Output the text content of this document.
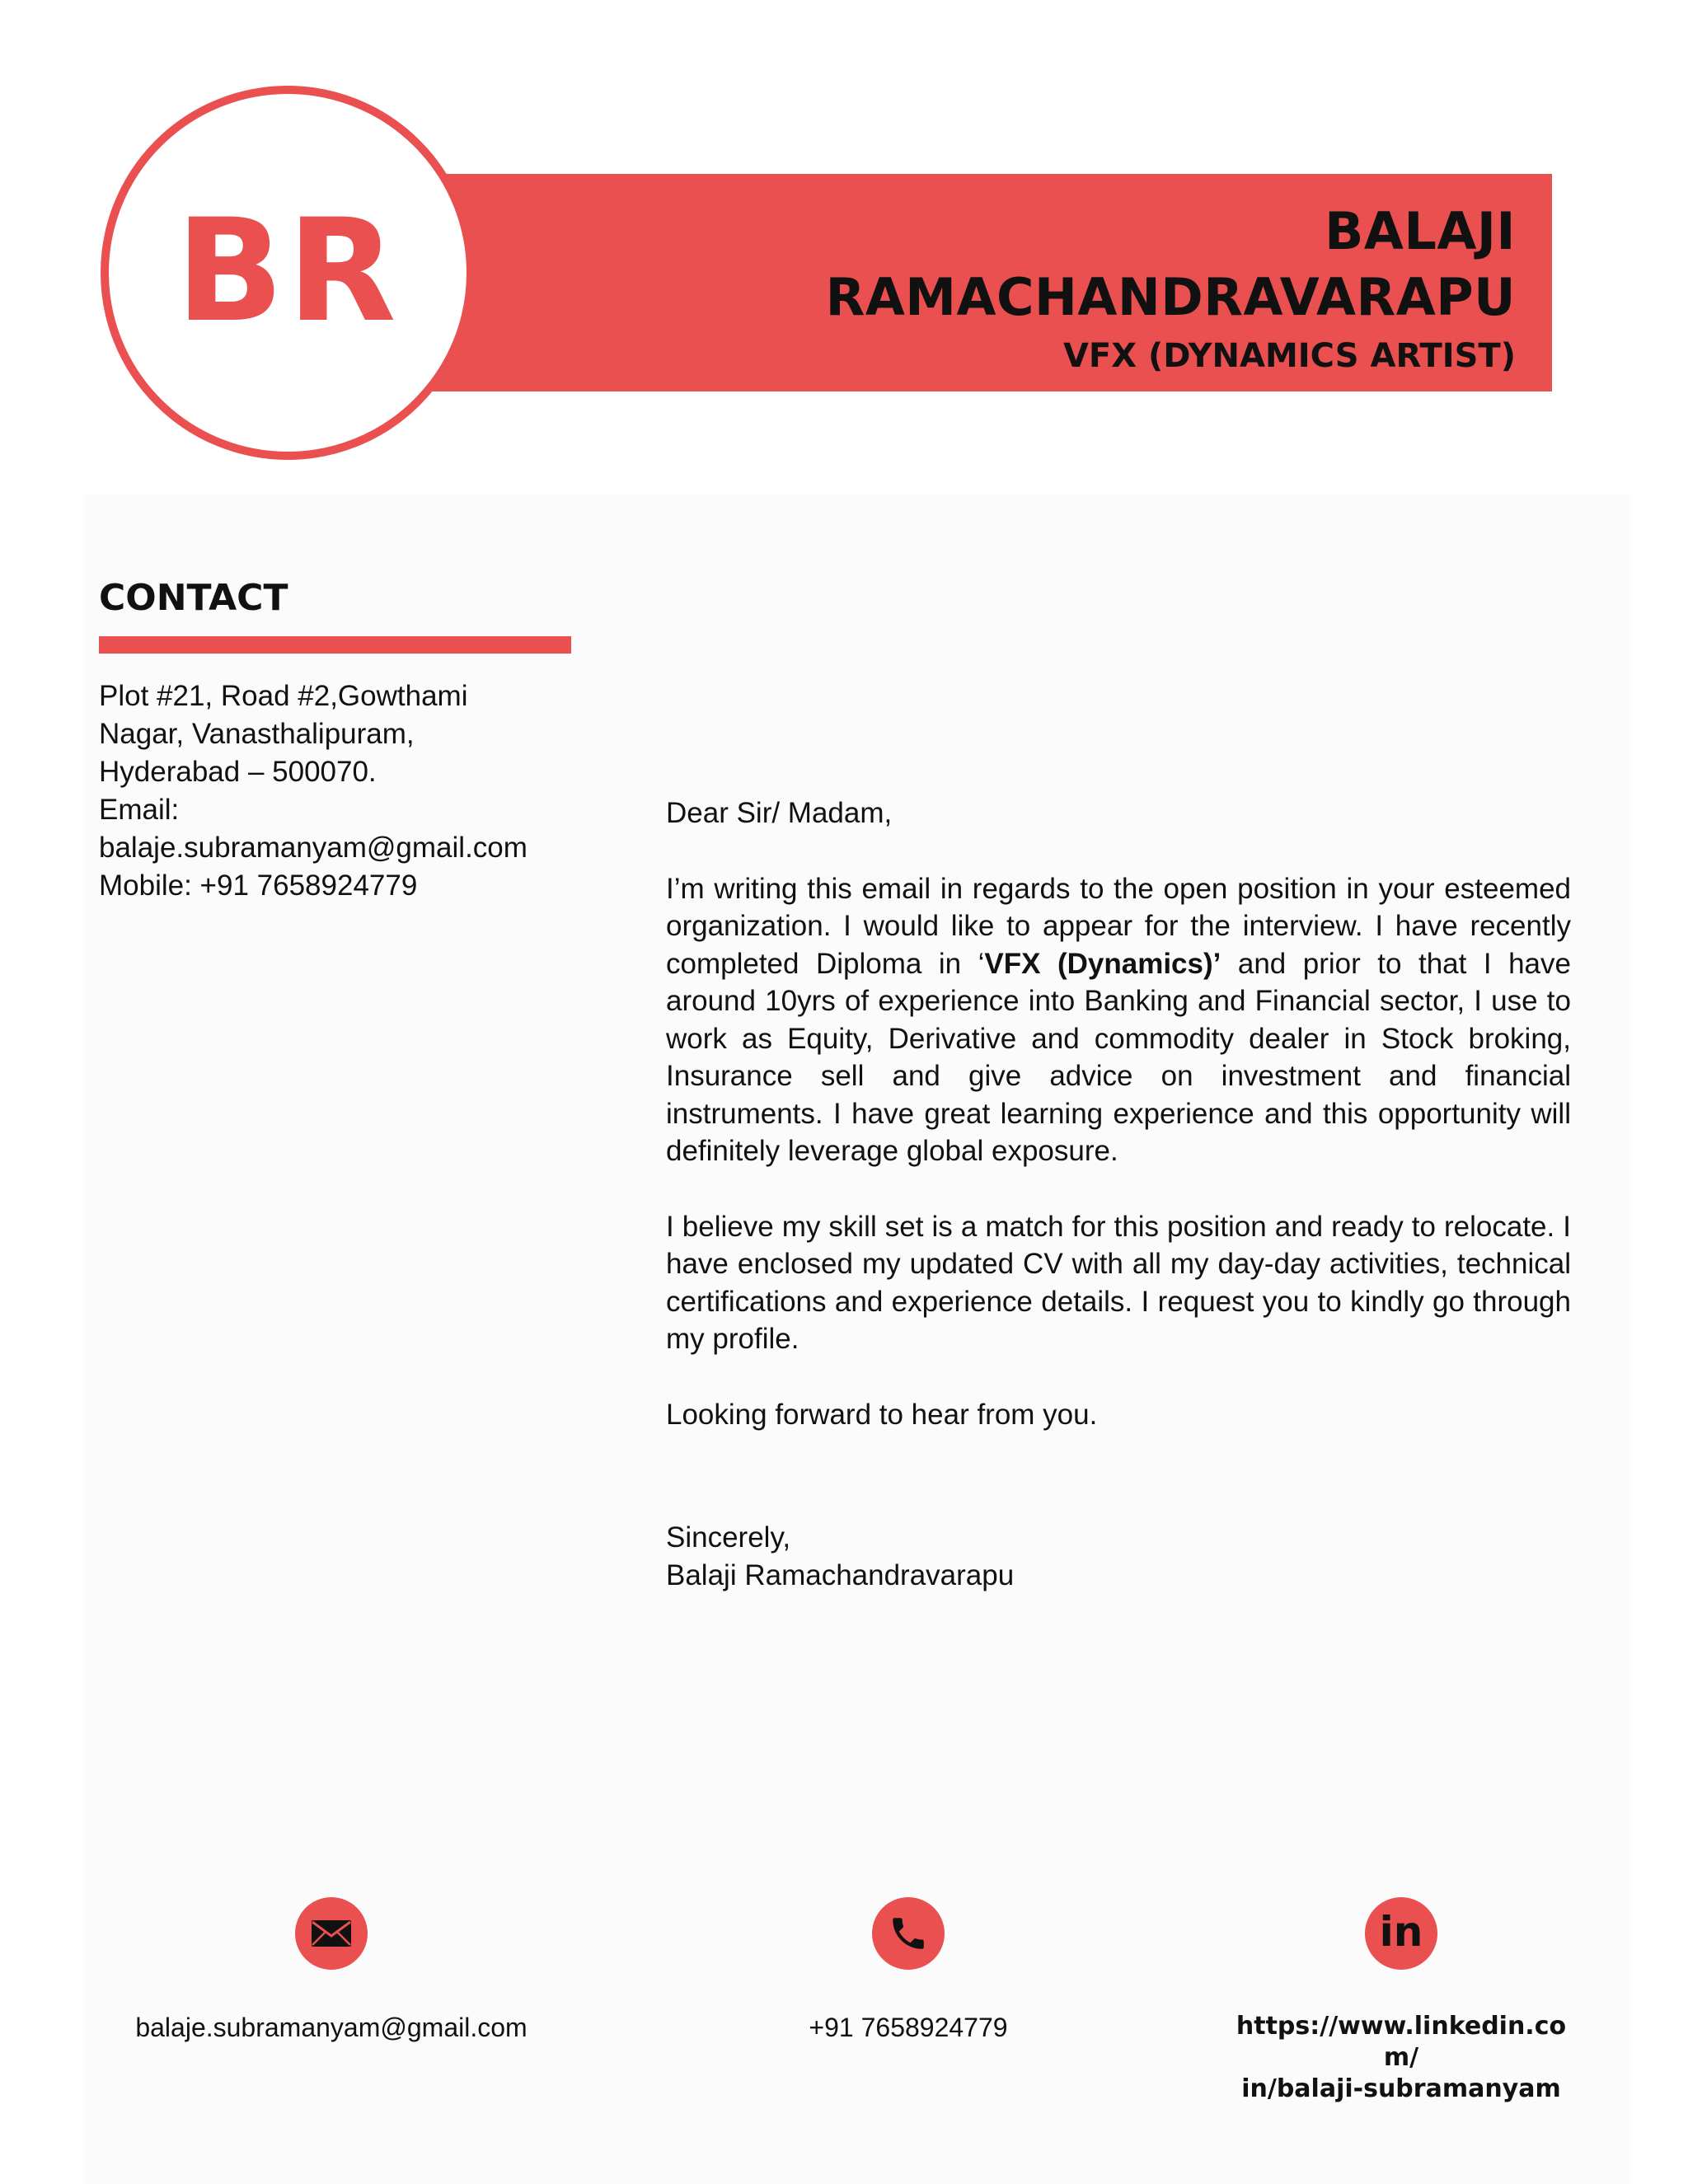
BALAJI
RAMACHANDRAVARAPU
VFX (DYNAMICS ARTIST)
BR
CONTACT
Plot #21, Road #2,Gowthami
Nagar, Vanasthalipuram,
Hyderabad – 500070.
Email:
balaje.subramanyam@gmail.com
Mobile: +91 7658924779

Dear Sir/ Madam,

I’m writing this email in regards to the open position in your esteemed organization. I would like to appear for the interview. I have recently completed Diploma in ‘VFX (Dynamics)’ and prior to that I have around 10yrs of experience into Banking and Financial sector, I use to work as Equity, Derivative and commodity dealer in Stock broking, Insurance sell and give advice on investment and financial instruments. I have great learning experience and this opportunity will definitely leverage global exposure.

I believe my skill set is a match for this position and ready to relocate. I have enclosed my updated CV with all my day-day activities, technical certifications and experience details. I request you to kindly go through my profile.

Looking forward to hear from you.

Sincerely,
Balaji Ramachandravarapu

balaje.subramanyam@gmail.com	+91 7658924779
in
https://www.linkedin.com/
in/balaji-subramanyam
